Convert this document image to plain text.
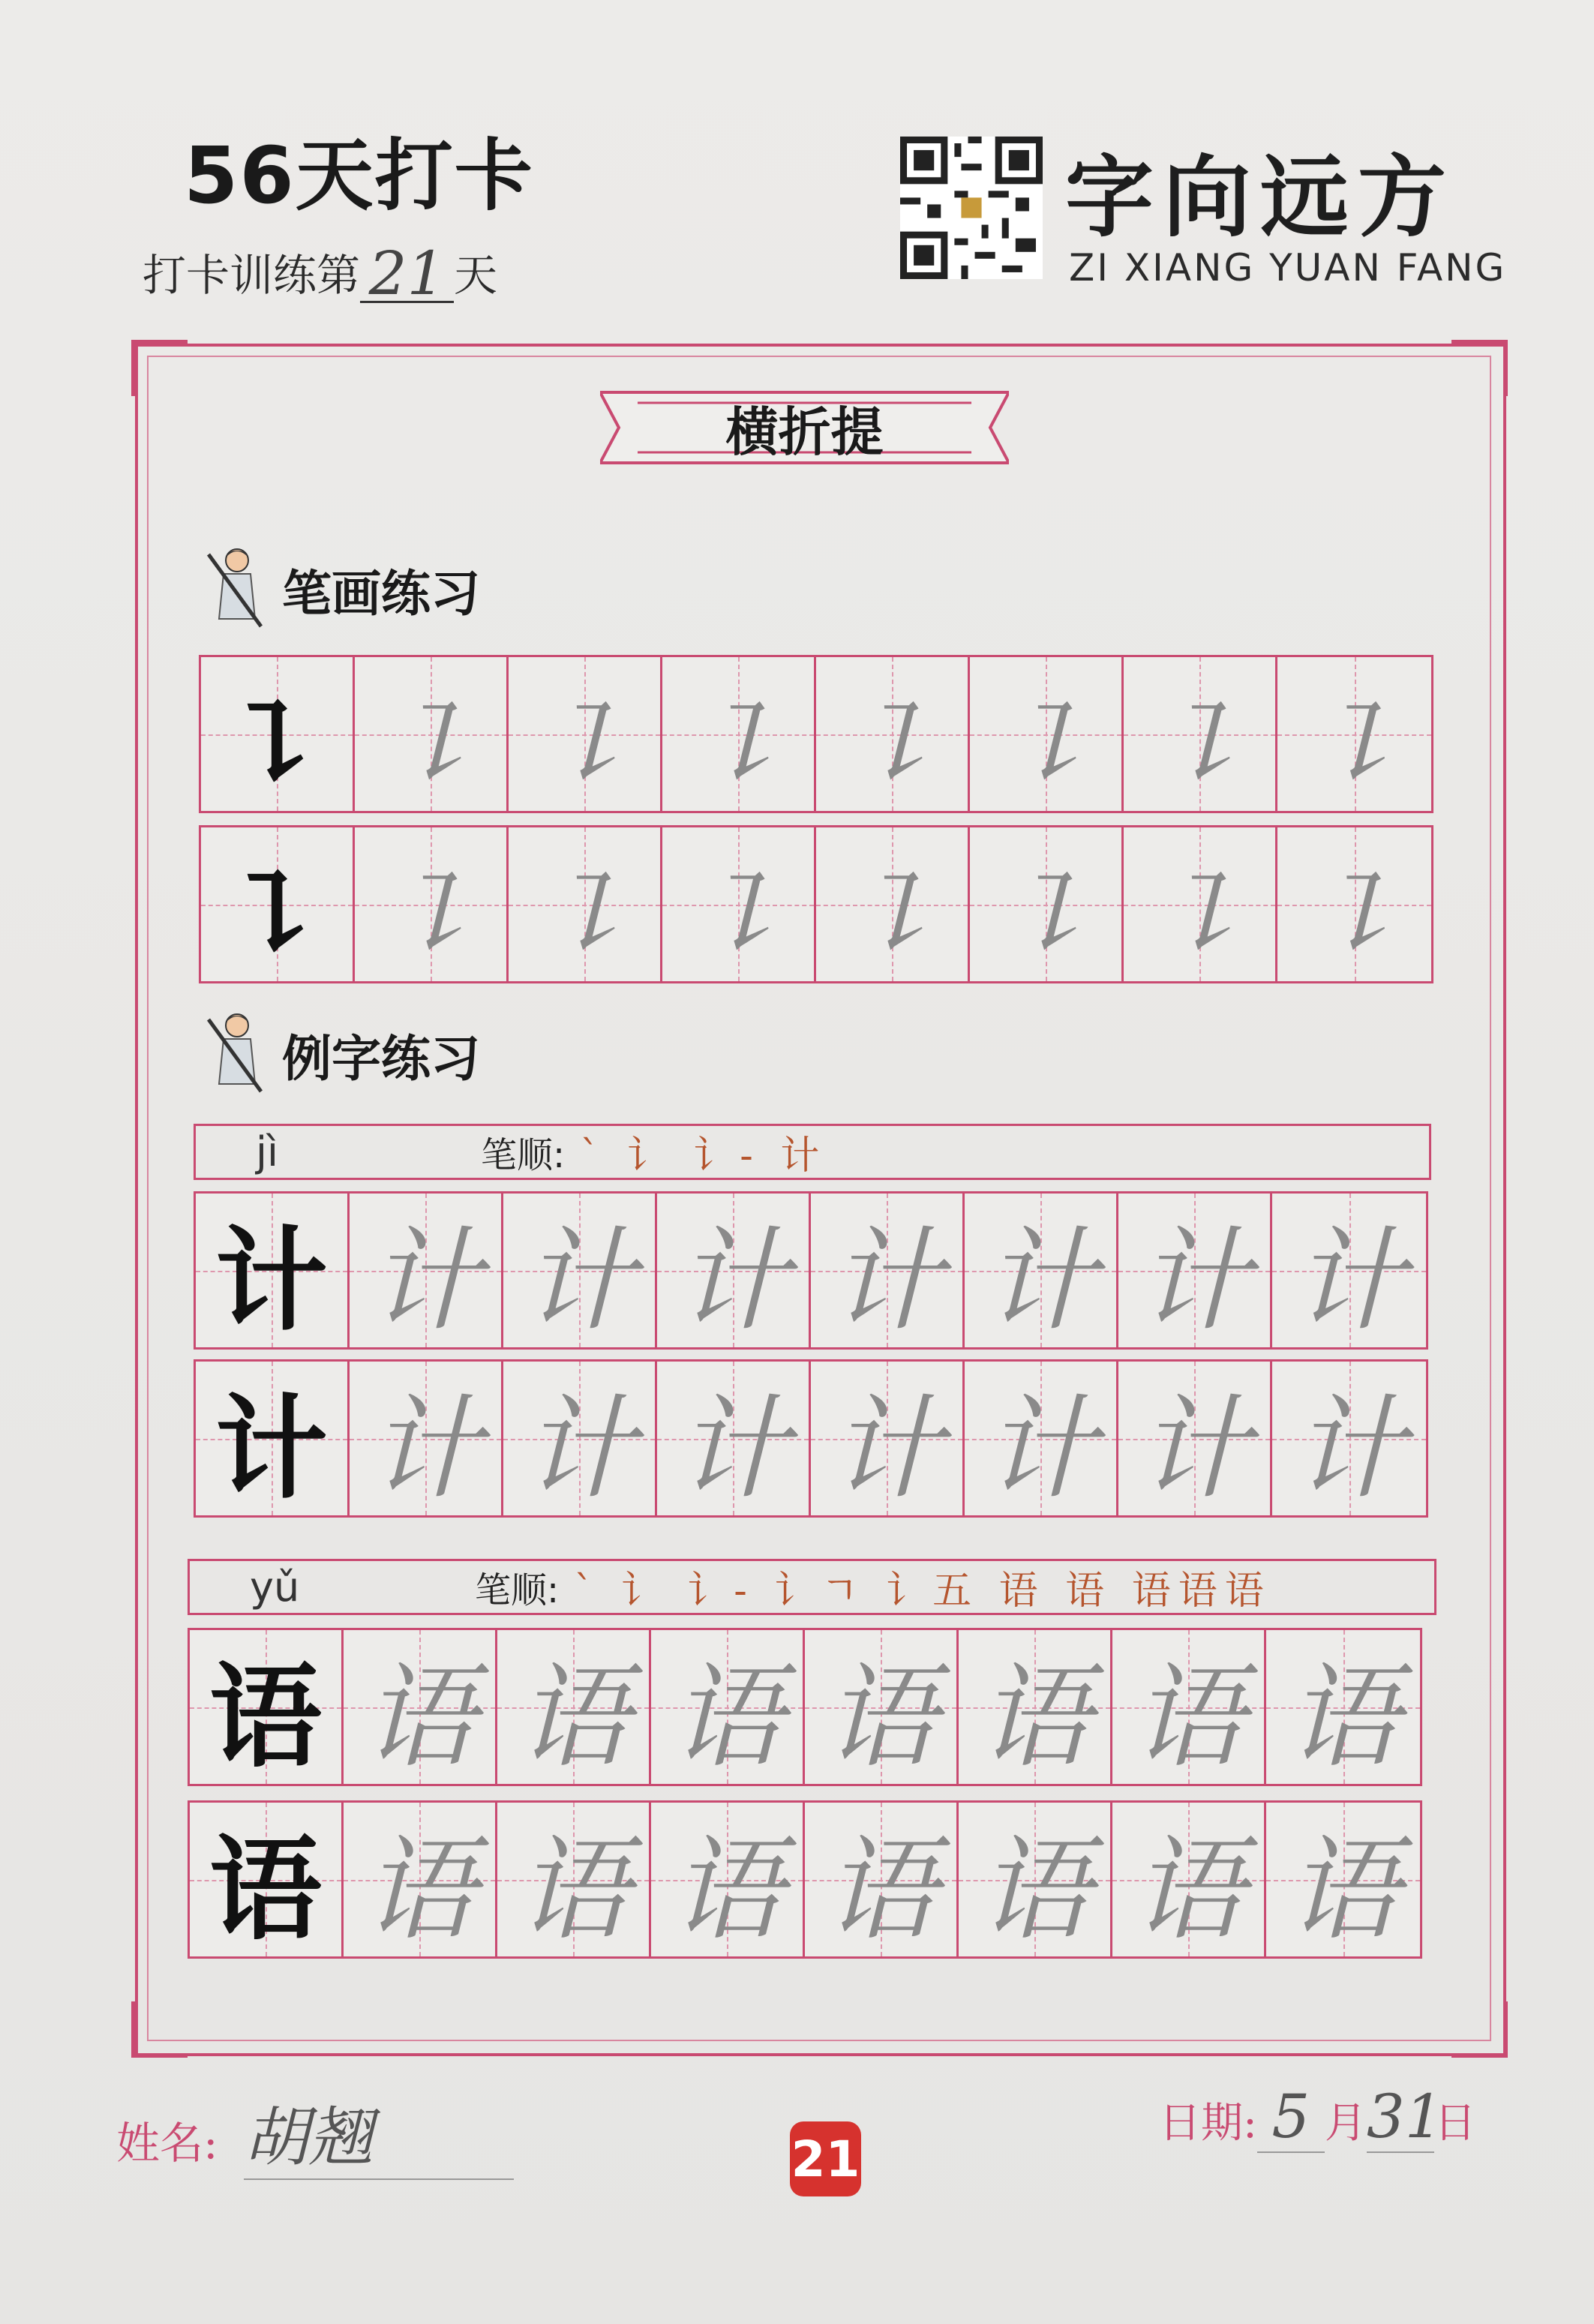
56天打卡
打卡训练第 21 天
字向远方
ZI XIANG YUAN FANG
横折提
笔画练习
㇊ ㇊ ㇊ ㇊ ㇊ ㇊ ㇊ ㇊
㇊ ㇊ ㇊ ㇊ ㇊ ㇊ ㇊ ㇊
例字练习
jì	笔顺: ` 讠 讠- 计
计 计 计 计 计 计 计 计
计 计 计 计 计 计 计 计
yǔ	笔顺: ` 讠 讠- 讠ㄱ 讠五 语 语 语语语
语 语 语 语 语 语 语 语
语 语 语 语 语 语 语 语
姓名: 胡翘	21
日期: 5 月31日
